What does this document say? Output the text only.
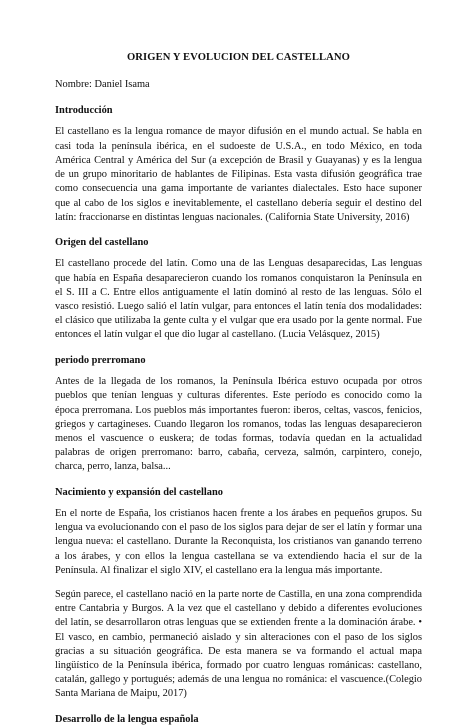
ORIGEN Y EVOLUCION DEL CASTELLANO
Nombre: Daniel Isama
Introducción

El castellano es la lengua romance de mayor difusión en el mundo actual. Se habla en casi toda la península ibérica, en el sudoeste de U.S.A., en todo México, en toda América Central y América del Sur (a excepción de Brasil y Guayanas) y es la lengua de un grupo minoritario de hablantes de Filipinas. Esta vasta difusión geográfica trae como consecuencia una gama importante de variantes dialectales. Esto hace suponer que al cabo de los siglos e inevitablemente, el castellano debería seguir el destino del latín: fraccionarse en distintas lenguas nacionales. (California State University, 2016)

Origen del castellano

El castellano procede del latín. Como una de las Lenguas desaparecidas, Las lenguas que había en España desaparecieron cuando los romanos conquistaron la Península en el S. III a C. Entre ellos antiguamente el latín dominó al resto de las lenguas. Sólo el vasco resistió. Luego salió el latín vulgar, para entonces el latín tenía dos modalidades: el clásico que utilizaba la gente culta y el vulgar que era usado por la gente normal. Fue entonces el latín vulgar el que dio lugar al castellano. (Lucia Velásquez, 2015)

periodo prerromano

Antes de la llegada de los romanos, la Península Ibérica estuvo ocupada por otros pueblos que tenían lenguas y culturas diferentes. Este período es conocido como la época prerromana. Los pueblos más importantes fueron: iberos, celtas, vascos, fenicios, griegos y cartagineses. Cuando llegaron los romanos, todas las lenguas desaparecieron menos el vascuence o euskera; de todas formas, todavía quedan en la actualidad palabras de origen prerromano: barro, cabaña, cerveza, salmón, carpintero, conejo, charca, perro, lanza, balsa...

Nacimiento y expansión del castellano

En el norte de España, los cristianos hacen frente a los árabes en pequeños grupos. Su lengua va evolucionando con el paso de los siglos para dejar de ser el latín y formar una lengua nueva: el castellano. Durante la Reconquista, los cristianos van ganando terreno a los árabes, y con ellos la lengua castellana se va extendiendo hacia el sur de la Península. Al finalizar el siglo XIV, el castellano era la lengua más importante.

Según parece, el castellano nació en la parte norte de Castilla, en una zona comprendida entre Cantabria y Burgos. A la vez que el castellano y debido a diferentes evoluciones del latín, se desarrollaron otras lenguas que se extienden frente a la dominación árabe. • El vasco, en cambio, permaneció aislado y sin alteraciones con el paso de los siglos gracias a su situación geográfica. De esta manera se va formando el actual mapa lingüístico de la Península ibérica, formado por cuatro lenguas románicas: castellano, catalán, gallego y portugués; además de una lengua no románica: el vascuence.(Colegio Santa Mariana de Maipu, 2017)

Desarrollo de la lengua española
